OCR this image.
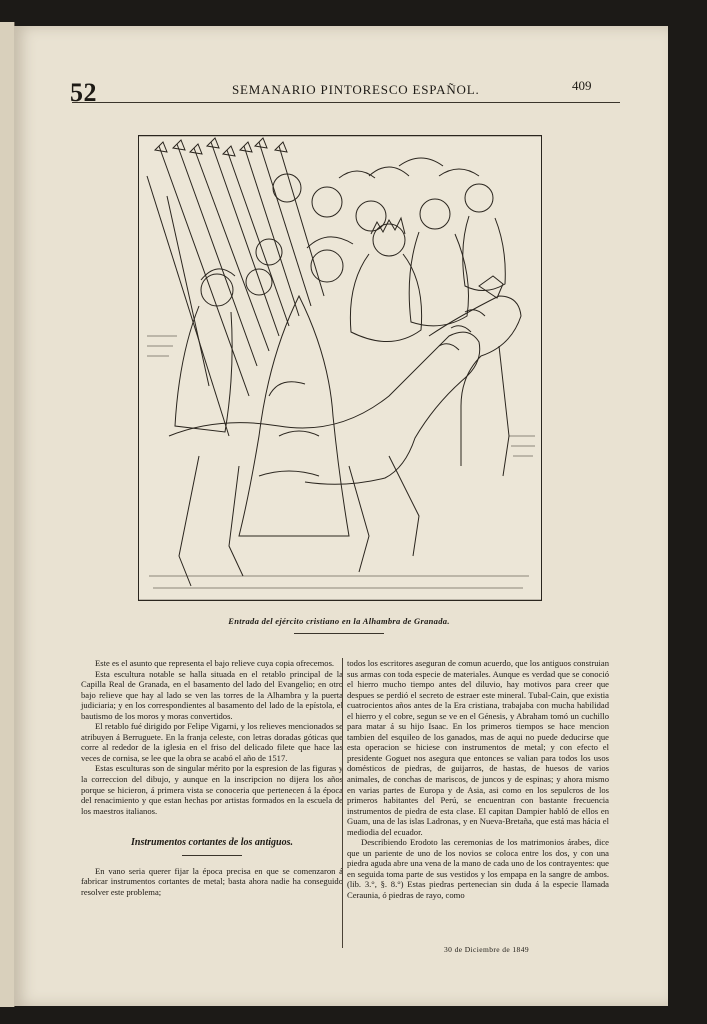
52	SEMANARIO PINTORESCO ESPAÑOL.	409
Entrada del ejército cristiano en la Alhambra de Granada.

Este es el asunto que representa el bajo relieve cuya copia ofrecemos.

Esta escultura notable se halla situada en el retablo principal de la Capilla Real de Granada, en el basamento del lado del Evangelio; en otro bajo relieve que hay al lado se ven las torres de la Alhambra y la puerta judiciaria; y en los correspondientes al basamento del lado de la epístola, el bautismo de los moros y moras convertidos.

El retablo fué dirigido por Felipe Vigarni, y los relieves mencionados se atribuyen á Berruguete. En la franja celeste, con letras doradas góticas que corre al rededor de la iglesia en el friso del delicado filete que hace las veces de cornisa, se lee que la obra se acabó el año de 1517.

Estas esculturas son de singular mérito por la espresion de las figuras y la correccion del dibujo, y aunque en la inscripcion no dijera los años porque se hicieron, á primera vista se conoceria que pertenecen á la época del renacimiento y que estan hechas por artistas formados en la escuela de los maestros italianos.

Instrumentos cortantes de los antiguos.

En vano seria querer fijar la época precisa en que se comenzaron á fabricar instrumentos cortantes de metal; basta ahora nadie ha conseguido resolver este problema;

todos los escritores aseguran de comun acuerdo, que los antiguos construian sus armas con toda especie de materiales. Aunque es verdad que se conoció el hierro mucho tiempo antes del diluvio, hay motivos para creer que despues se perdió el secreto de estraer este mineral. Tubal-Cain, que existia cuatrocientos años antes de la Era cristiana, trabajaba con mucha habilidad el hierro y el cobre, segun se ve en el Génesis, y Abraham tomó un cuchillo para matar á su hijo Isaac. En los primeros tiempos se hace mencion tambien del esquileo de los ganados, mas de aqui no puede deducirse que esta operacion se hiciese con instrumentos de metal; y con efecto el presidente Goguet nos asegura que entonces se valian para todos los usos domésticos de piedras, de guijarros, de hastas, de huesos de varios animales, de conchas de mariscos, de juncos y de espinas; y ahora mismo en varias partes de Europa y de Asia, asi como en los sepulcros de los primeros habitantes del Perú, se encuentran con bastante frecuencia instrumentos de piedra de esta clase. El capitan Dampier habló de ellos en Guam, una de las islas Ladronas, y en Nueva-Bretaña, que está mas hácia el mediodia del ecuador.

Describiendo Erodoto las ceremonias de los matrimonios árabes, dice que un pariente de uno de los novios se coloca entre los dos, y con una piedra aguda abre una vena de la mano de cada uno de los contrayentes: que en seguida toma parte de sus vestidos y los empapa en la sangre de ambos. (lib. 3.°, §. 8.°) Estas piedras pertenecian sin duda á la especie llamada Ceraunia, ó piedras de rayo, como

30 de Diciembre de 1849
